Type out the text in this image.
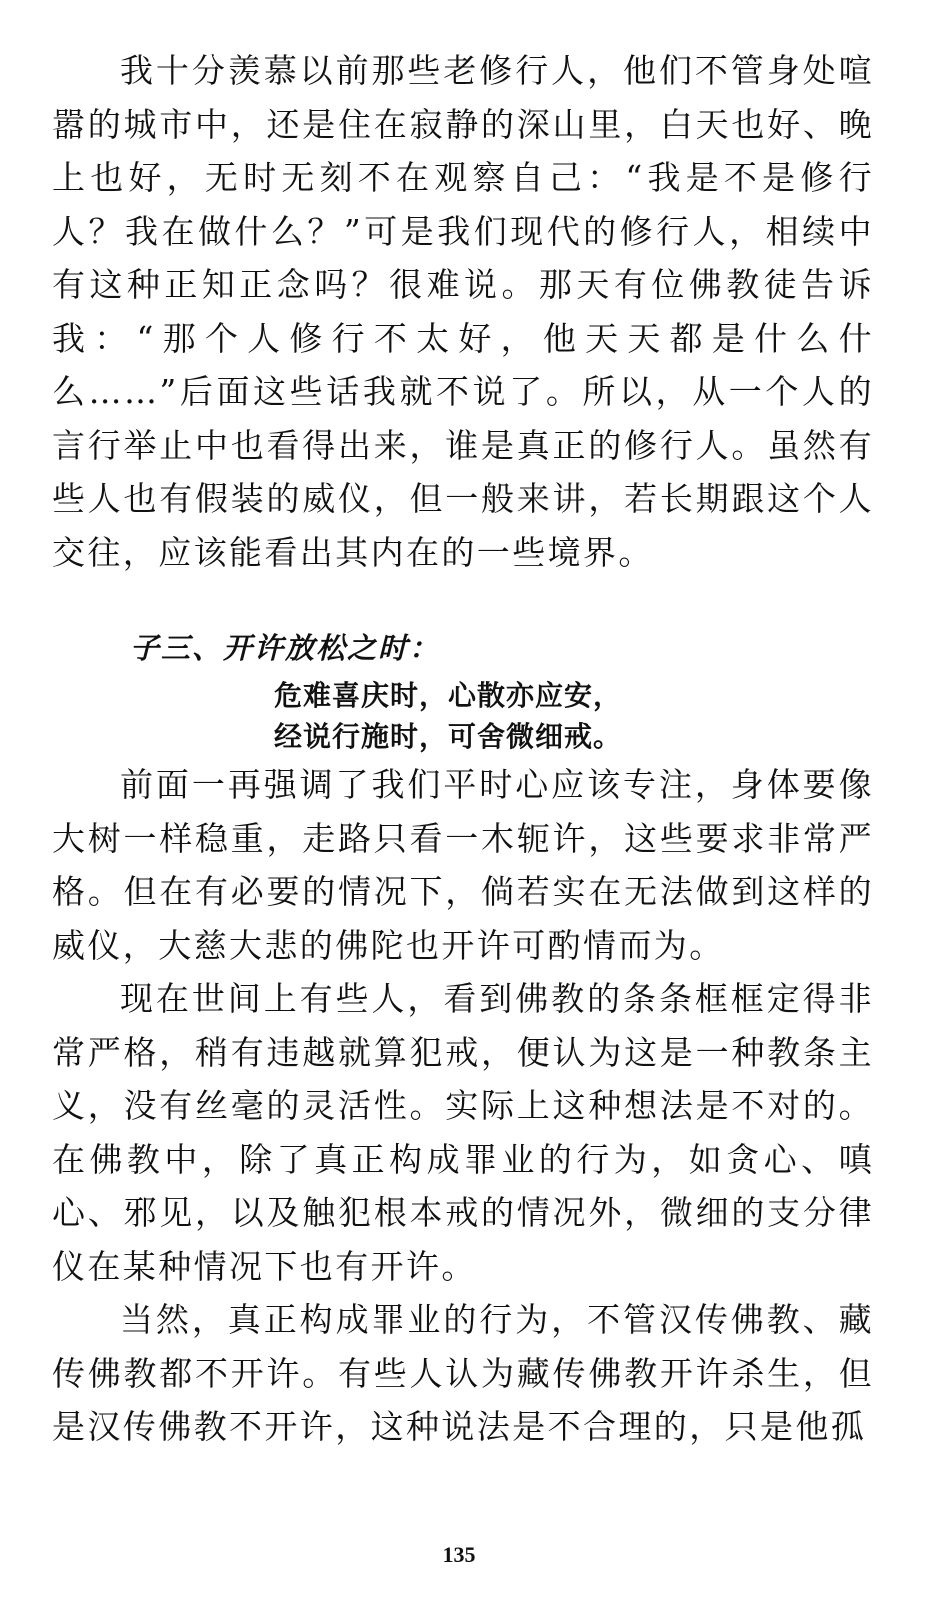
我十分羡慕以前那些老修行人，他们不管身处喧嚣的城市中，还是住在寂静的深山里，白天也好、晚上也好，无时无刻不在观察自己：“我是不是修行人？我在做什么？”可是我们现代的修行人，相续中有这种正知正念吗？很难说。那天有位佛教徒告诉我：“那个人修行不太好，他天天都是什么什么……”后面这些话我就不说了。所以，从一个人的言行举止中也看得出来，谁是真正的修行人。虽然有些人也有假装的威仪，但一般来讲，若长期跟这个人交往，应该能看出其内在的一些境界。

子三、开许放松之时：
危难喜庆时，心散亦应安，
经说行施时，可舍微细戒。

前面一再强调了我们平时心应该专注，身体要像大树一样稳重，走路只看一木轭许，这些要求非常严格。但在有必要的情况下，倘若实在无法做到这样的威仪，大慈大悲的佛陀也开许可酌情而为。

现在世间上有些人，看到佛教的条条框框定得非常严格，稍有违越就算犯戒，便认为这是一种教条主义，没有丝毫的灵活性。实际上这种想法是不对的。在佛教中，除了真正构成罪业的行为，如贪心、嗔心、邪见，以及触犯根本戒的情况外，微细的支分律仪在某种情况下也有开许。

当然，真正构成罪业的行为，不管汉传佛教、藏传佛教都不开许。有些人认为藏传佛教开许杀生，但是汉传佛教不开许，这种说法是不合理的，只是他孤

135
